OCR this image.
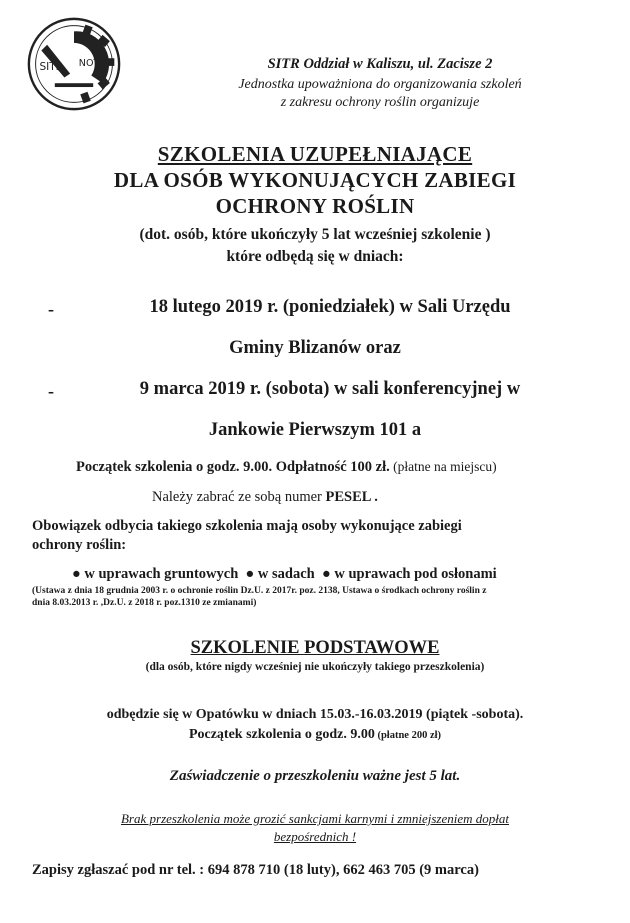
SITR NOT	SITR Oddział w Kaliszu, ul. Zacisze 2
Jednostka upoważniona do organizowania szkoleń
z zakresu ochrony roślin organizuje
SZKOLENIA UZUPEŁNIAJĄCE
DLA OSÓB WYKONUJĄCYCH ZABIEGI
OCHRONY ROŚLIN
(dot. osób, które ukończyły 5 lat wcześniej szkolenie )
które odbędą się w dniach:
-	18 lutego 2019 r. (poniedziałek) w Sali Urzędu
Gminy Blizanów oraz
-	9 marca 2019 r. (sobota) w sali konferencyjnej w
Jankowie Pierwszym 101 a
Początek szkolenia o godz. 9.00. Odpłatność 100 zł. (płatne na miejscu)
Należy zabrać ze sobą numer PESEL .
Obowiązek odbycia takiego szkolenia mają osoby wykonujące zabiegi
ochrony roślin:
● w uprawach gruntowych ● w sadach ● w uprawach pod osłonami
(Ustawa z dnia 18 grudnia 2003 r. o ochronie roślin Dz.U. z 2017r. poz. 2138, Ustawa o środkach ochrony roślin z
dnia 8.03.2013 r. ,Dz.U. z 2018 r. poz.1310 ze zmianami)
SZKOLENIE PODSTAWOWE
(dla osób, które nigdy wcześniej nie ukończyły takiego przeszkolenia)
odbędzie się w Opatówku w dniach 15.03.-16.03.2019 (piątek -sobota).
Początek szkolenia o godz. 9.00 (płatne 200 zł)
Zaświadczenie o przeszkoleniu ważne jest 5 lat.
Brak przeszkolenia może grozić sankcjami karnymi i zmniejszeniem dopłat
bezpośrednich !
Zapisy zgłaszać pod nr tel. : 694 878 710 (18 luty), 662 463 705 (9 marca)
